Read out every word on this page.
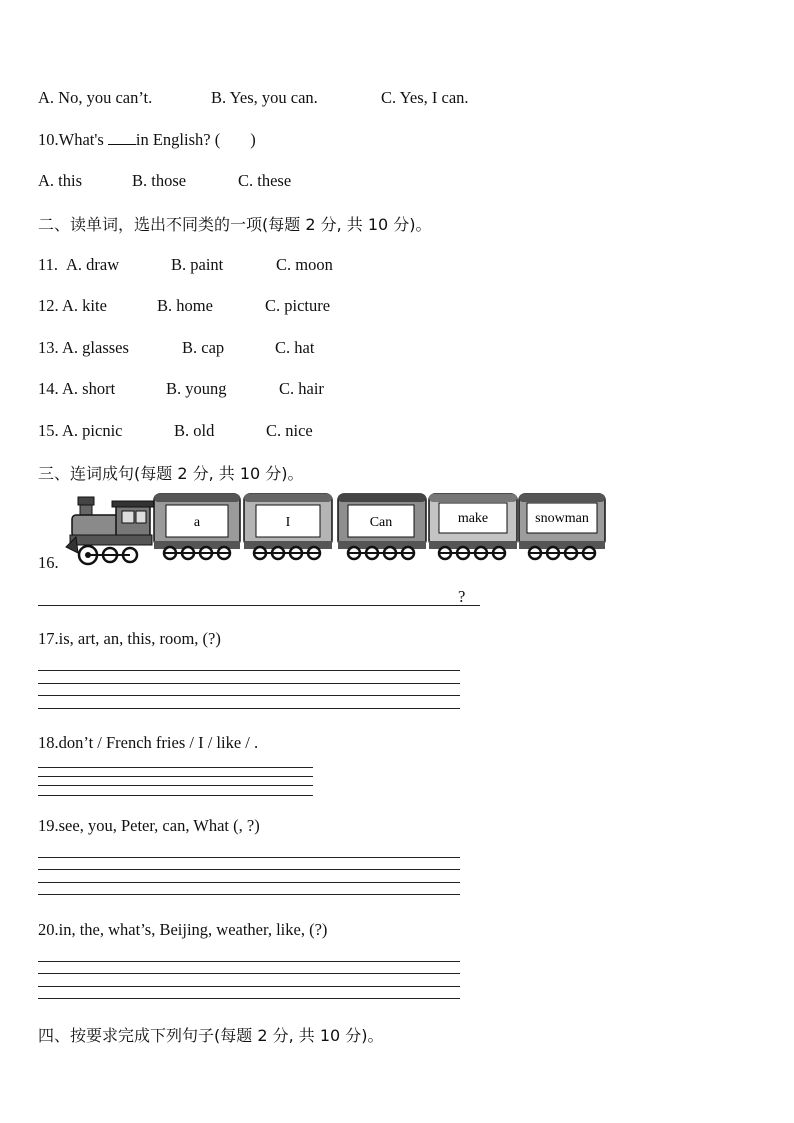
A. No, you can’t.	B. Yes, you can.	C. Yes, I can.
10.What's in English? ( )
A. this	B. those	C. these
二、读单词，选出不同类的一项(每题 2 分, 共 10 分)。
11. A. draw	B. paint	C. moon
12. A. kite	B. home	C. picture
13. A. glasses	B. cap	C. hat
14. A. short	B. young	C. hair
15. A. picnic	B. old	C. nice
三、连词成句(每题 2 分, 共 10 分)。
16.
a	I	Can	make	snowman
?
17.is, art, an, this, room, (?)
18.don’t / French fries / I / like / .
19.see, you, Peter, can, What (, ?)
20.in, the, what’s, Beijing, weather, like, (?)
四、按要求完成下列句子(每题 2 分, 共 10 分)。
